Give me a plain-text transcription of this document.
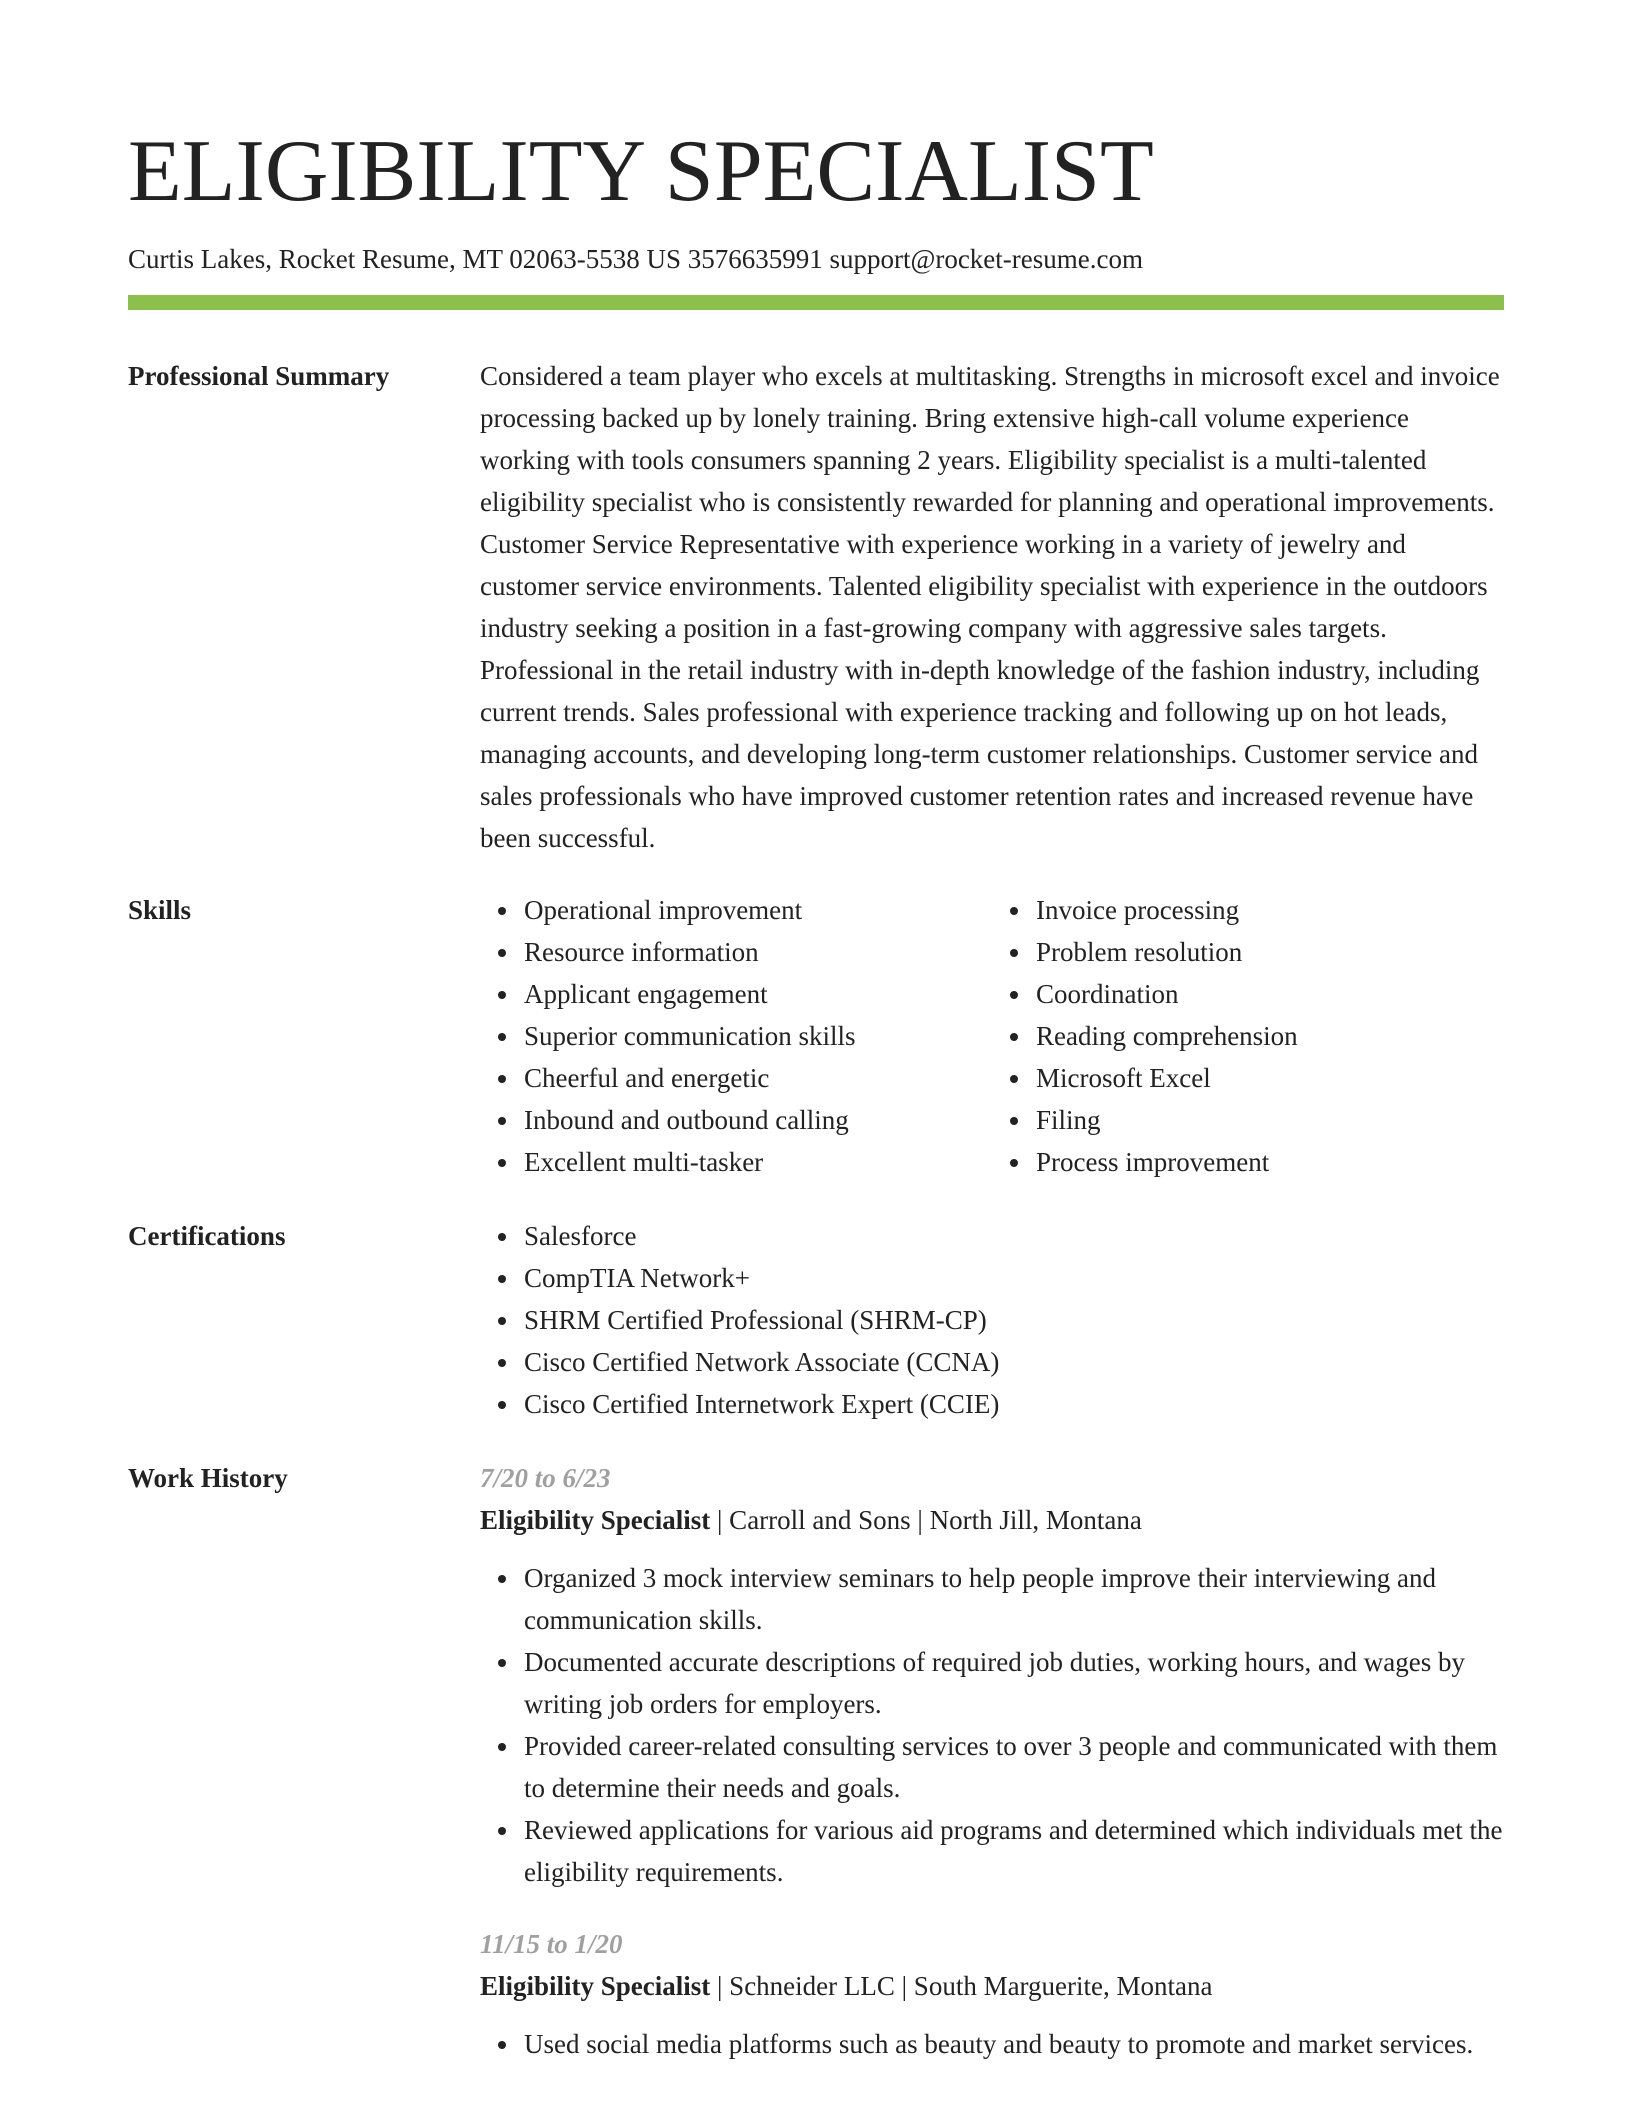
ELIGIBILITY SPECIALIST
Curtis Lakes, Rocket Resume, MT 02063-5538 US 3576635991 support@rocket-resume.com
Professional Summary	Considered a team player who excels at multitasking. Strengths in microsoft excel and invoice processing backed up by lonely training. Bring extensive high-call volume experience working with tools consumers spanning 2 years. Eligibility specialist is a multi-talented eligibility specialist who is consistently rewarded for planning and operational improvements. Customer Service Representative with experience working in a variety of jewelry and customer service environments. Talented eligibility specialist with experience in the outdoors industry seeking a position in a fast-growing company with aggressive sales targets. Professional in the retail industry with in-depth knowledge of the fashion industry, including current trends. Sales professional with experience tracking and following up on hot leads, managing accounts, and developing long-term customer relationships. Customer service and sales professionals who have improved customer retention rates and increased revenue have been successful.
Skills	Operational improvement
Resource information
Applicant engagement
Superior communication skills
Cheerful and energetic
Inbound and outbound calling
Excellent multi-tasker
Invoice processing
Problem resolution
Coordination
Reading comprehension
Microsoft Excel
Filing
Process improvement
Certifications	Salesforce
CompTIA Network+
SHRM Certified Professional (SHRM-CP)
Cisco Certified Network Associate (CCNA)
Cisco Certified Internetwork Expert (CCIE)
Work History	7/20 to 6/23
Eligibility Specialist | Carroll and Sons | North Jill, Montana
Organized 3 mock interview seminars to help people improve their interviewing and communication skills.
Documented accurate descriptions of required job duties, working hours, and wages by writing job orders for employers.
Provided career-related consulting services to over 3 people and communicated with them to determine their needs and goals.
Reviewed applications for various aid programs and determined which individuals met the eligibility requirements.
11/15 to 1/20
Eligibility Specialist | Schneider LLC | South Marguerite, Montana
Used social media platforms such as beauty and beauty to promote and market services.
